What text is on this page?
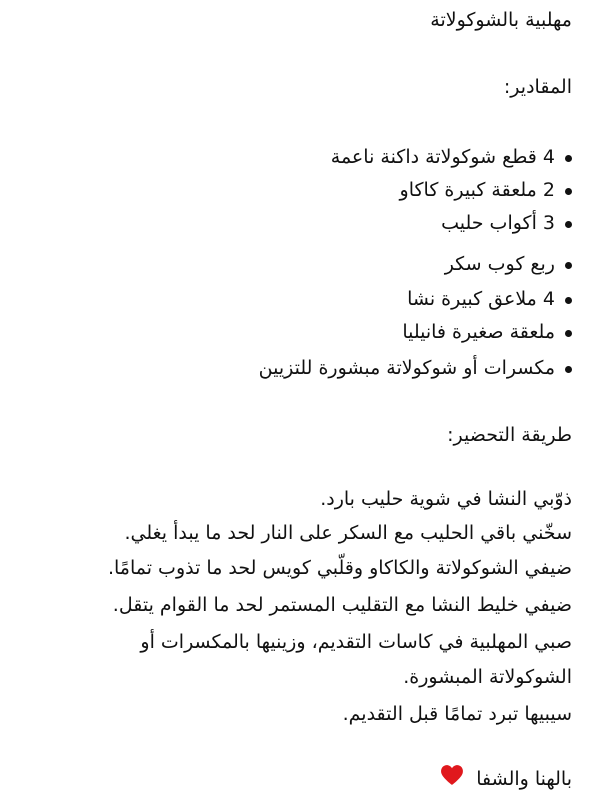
مهلبية بالشوكولاتة
المقادير:
4 قطع شوكولاتة داكنة ناعمة
2 ملعقة كبيرة كاكاو
3 أكواب حليب
ربع كوب سكر
4 ملاعق كبيرة نشا
ملعقة صغيرة فانيليا
مكسرات أو شوكولاتة مبشورة للتزيين
طريقة التحضير:
ذوّبي النشا في شوية حليب بارد.
سخّني باقي الحليب مع السكر على النار لحد ما يبدأ يغلي.
ضيفي الشوكولاتة والكاكاو وقلّبي كويس لحد ما تذوب تمامًا.
ضيفي خليط النشا مع التقليب المستمر لحد ما القوام يتقل.
صبي المهلبية في كاسات التقديم، وزينيها بالمكسرات أو
الشوكولاتة المبشورة.
سيبيها تبرد تمامًا قبل التقديم.
بالهنا والشفا
